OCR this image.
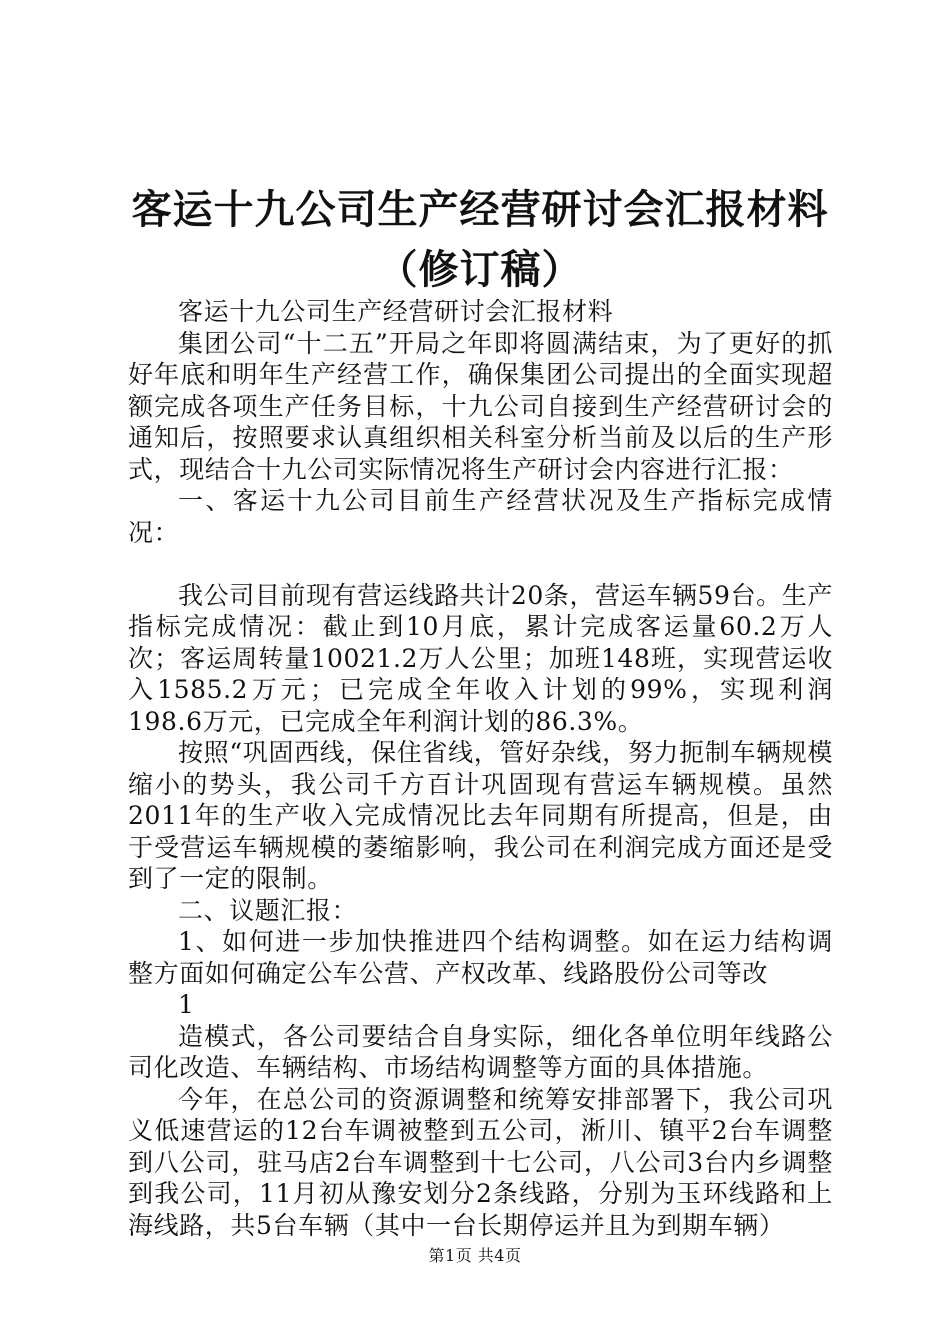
客运十九公司生产经营研讨会汇报材料（修订稿）

客运十九公司生产经营研讨会汇报材料

集团公司“十二五”开局之年即将圆满结束，为了更好的抓好年底和明年生产经营工作，确保集团公司提出的全面实现超额完成各项生产任务目标，十九公司自接到生产经营研讨会的通知后，按照要求认真组织相关科室分析当前及以后的生产形式，现结合十九公司实际情况将生产研讨会内容进行汇报：

一、客运十九公司目前生产经营状况及生产指标完成情况：

我公司目前现有营运线路共计20条，营运车辆59台。生产指标完成情况：截止到10月底，累计完成客运量60.2万人次；客运周转量10021.2万人公里；加班148班，实现营运收入1585.2万元；已完成全年收入计划的99%，实现利润198.6万元，已完成全年利润计划的86.3%。

按照“巩固西线，保住省线，管好杂线，努力扼制车辆规模缩小的势头，我公司千方百计巩固现有营运车辆规模。虽然2011年的生产收入完成情况比去年同期有所提高，但是，由于受营运车辆规模的萎缩影响，我公司在利润完成方面还是受到了一定的限制。

二、议题汇报：

1、如何进一步加快推进四个结构调整。如在运力结构调整方面如何确定公车公营、产权改革、线路股份公司等改

1

造模式，各公司要结合自身实际，细化各单位明年线路公司化改造、车辆结构、市场结构调整等方面的具体措施。

今年，在总公司的资源调整和统筹安排部署下，我公司巩义低速营运的12台车调被整到五公司，淅川、镇平2台车调整到八公司，驻马店2台车调整到十七公司，八公司3台内乡调整到我公司，11月初从豫安划分2条线路，分别为玉环线路和上海线路，共5台车辆（其中一台长期停运并且为到期车辆）

第1页 共4页
